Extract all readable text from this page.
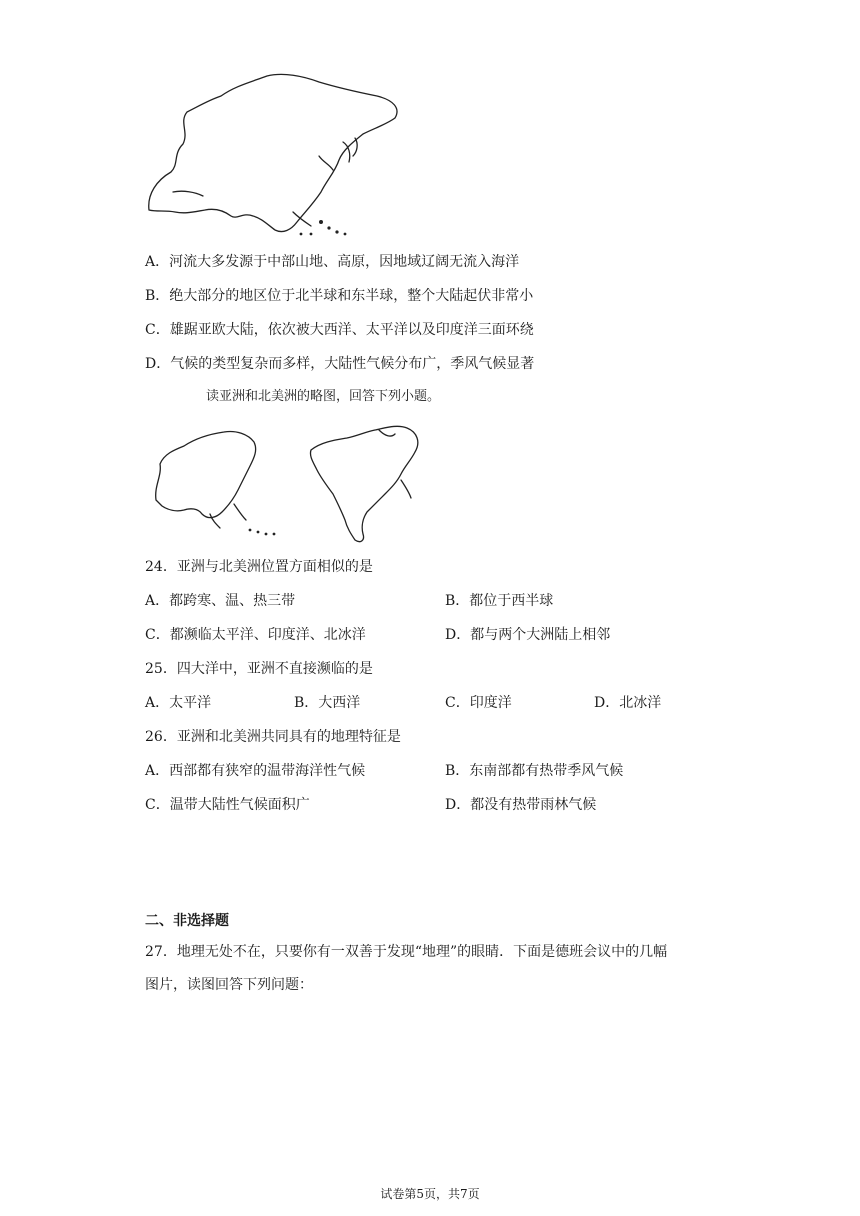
A．河流大多发源于中部山地、高原，因地域辽阔无流入海洋
B．绝大部分的地区位于北半球和东半球，整个大陆起伏非常小
C．雄踞亚欧大陆，依次被大西洋、太平洋以及印度洋三面环绕
D．气候的类型复杂而多样，大陆性气候分布广，季风气候显著
读亚洲和北美洲的略图，回答下列小题。
24．亚洲与北美洲位置方面相似的是
A．都跨寒、温、热三带	B．都位于西半球
C．都濒临太平洋、印度洋、北冰洋	D．都与两个大洲陆上相邻
25．四大洋中，亚洲不直接濒临的是
A．太平洋	B．大西洋	C．印度洋	D．北冰洋
26．亚洲和北美洲共同具有的地理特征是
A．西部都有狭窄的温带海洋性气候	B．东南部都有热带季风气候
C．温带大陆性气候面积广	D．都没有热带雨林气候
二、非选择题
27．地理无处不在，只要你有一双善于发现“地理”的眼睛．下面是德班会议中的几幅
图片，读图回答下列问题：
试卷第5页，共7页
